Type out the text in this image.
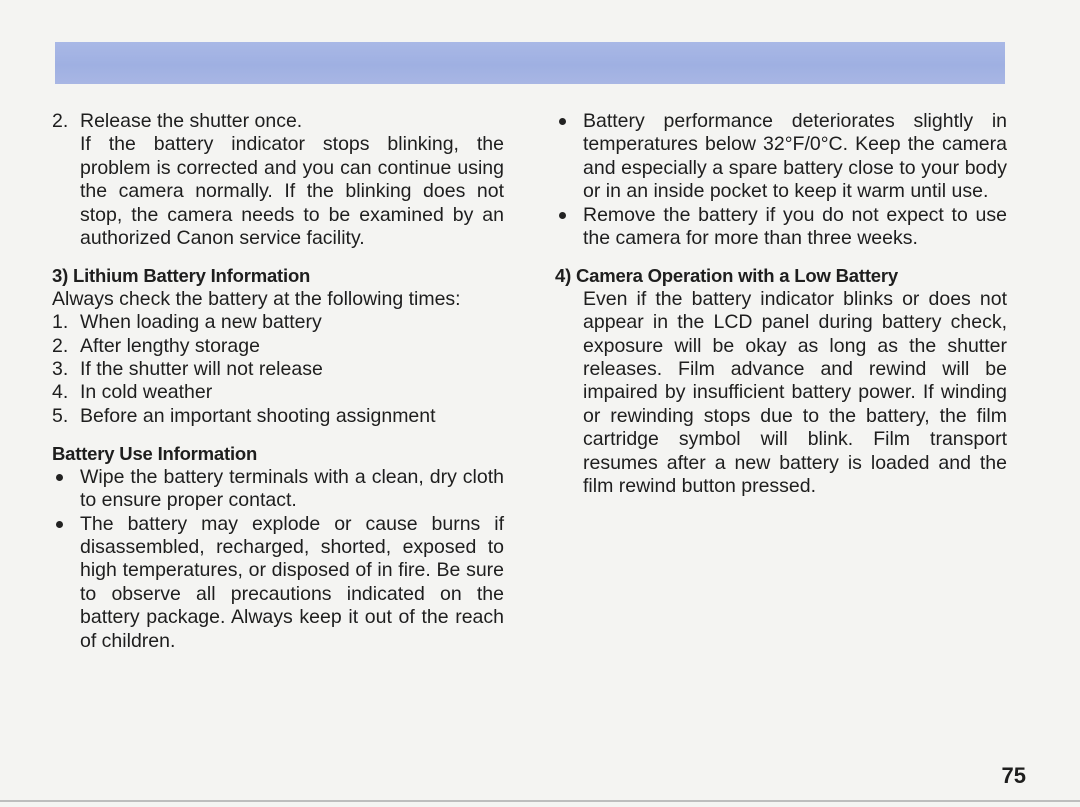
2. Release the shutter once.

If the battery indicator stops blinking, the problem is corrected and you can continue using the camera normally. If the blinking does not stop, the camera needs to be examined by an authorized Canon service facility.

3) Lithium Battery Information

Always check the battery at the following times:

1. When loading a new battery
2. After lengthy storage
3. If the shutter will not release
4. In cold weather
5. Before an important shooting assignment

Battery Use Information

Wipe the battery terminals with a clean, dry cloth to ensure proper contact.
The battery may explode or cause burns if disassembled, recharged, shorted, exposed to high temperatures, or disposed of in fire. Be sure to observe all precautions indicated on the battery package. Always keep it out of the reach of children.
Battery performance deteriorates slightly in temperatures below 32°F/0°C. Keep the camera and especially a spare battery close to your body or in an inside pocket to keep it warm until use.
Remove the battery if you do not expect to use the camera for more than three weeks.

4) Camera Operation with a Low Battery

Even if the battery indicator blinks or does not appear in the LCD panel during battery check, exposure will be okay as long as the shutter releases. Film advance and rewind will be impaired by insufficient battery power. If winding or rewinding stops due to the battery, the film cartridge symbol will blink. Film transport resumes after a new battery is loaded and the film rewind button pressed.

75
